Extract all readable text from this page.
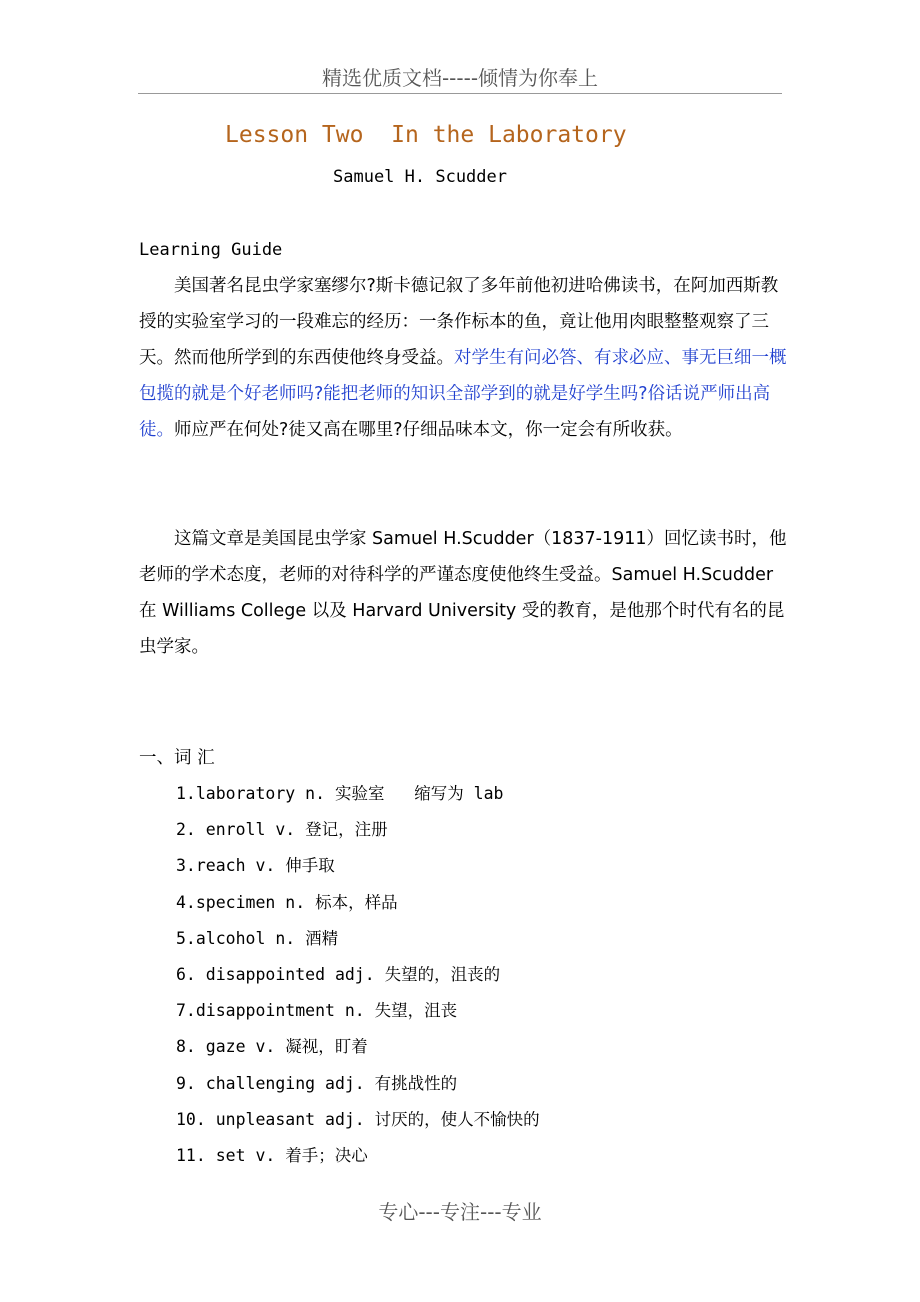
精选优质文档-----倾情为你奉上
Lesson Two  In the Laboratory
Samuel H. Scudder
Learning Guide
美国著名昆虫学家塞缪尔?斯卡德记叙了多年前他初进哈佛读书，在阿加西斯教授的实验室学习的一段难忘的经历：一条作标本的鱼，竟让他用肉眼整整观察了三天。然而他所学到的东西使他终身受益。对学生有问必答、有求必应、事无巨细一概包揽的就是个好老师吗?能把老师的知识全部学到的就是好学生吗?俗话说严师出高徒。师应严在何处?徒又高在哪里?仔细品味本文，你一定会有所收获。
这篇文章是美国昆虫学家 Samuel H.Scudder（1837-1911）回忆读书时，他老师的学术态度，老师的对待科学的严谨态度使他终生受益。Samuel H.Scudder在 Williams College 以及 Harvard University 受的教育，是他那个时代有名的昆虫学家。
一、词 汇
1.laboratory n. 实验室   缩写为 lab
2. enroll v. 登记，注册
3.reach v. 伸手取
4.specimen n. 标本，样品
5.alcohol n. 酒精
6. disappointed adj. 失望的，沮丧的
7.disappointment n. 失望，沮丧
8. gaze v. 凝视，盯着
9. challenging adj. 有挑战性的
10. unpleasant adj. 讨厌的，使人不愉快的
11. set v. 着手；决心
专心---专注---专业
